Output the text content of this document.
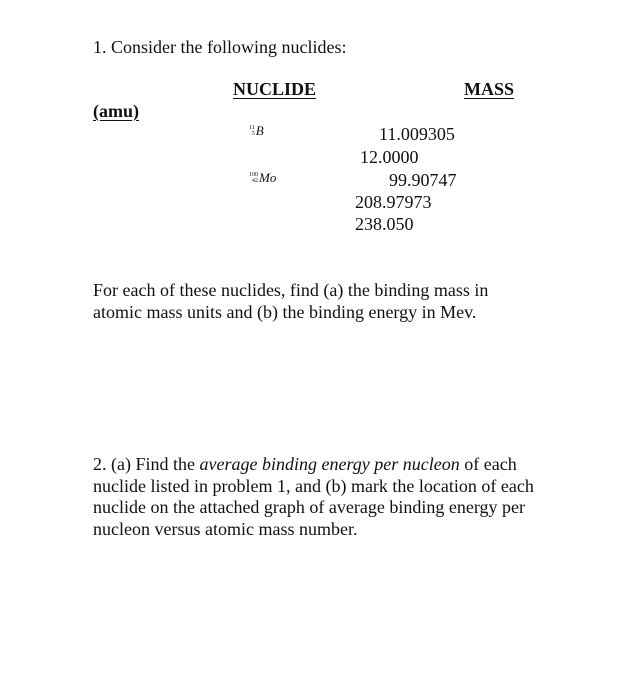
1. Consider the following nuclides:
NUCLIDE	MASS
(amu)
11
5 B
100
42 Mo
11.009305
12.0000
99.90747
208.97973
238.050
For each of these nuclides, find (a) the binding mass in atomic mass units and (b) the binding energy in Mev.
2. (a) Find the average binding energy per nucleon of each nuclide listed in problem 1, and (b) mark the location of each nuclide on the attached graph of average binding energy per nucleon versus atomic mass number.
